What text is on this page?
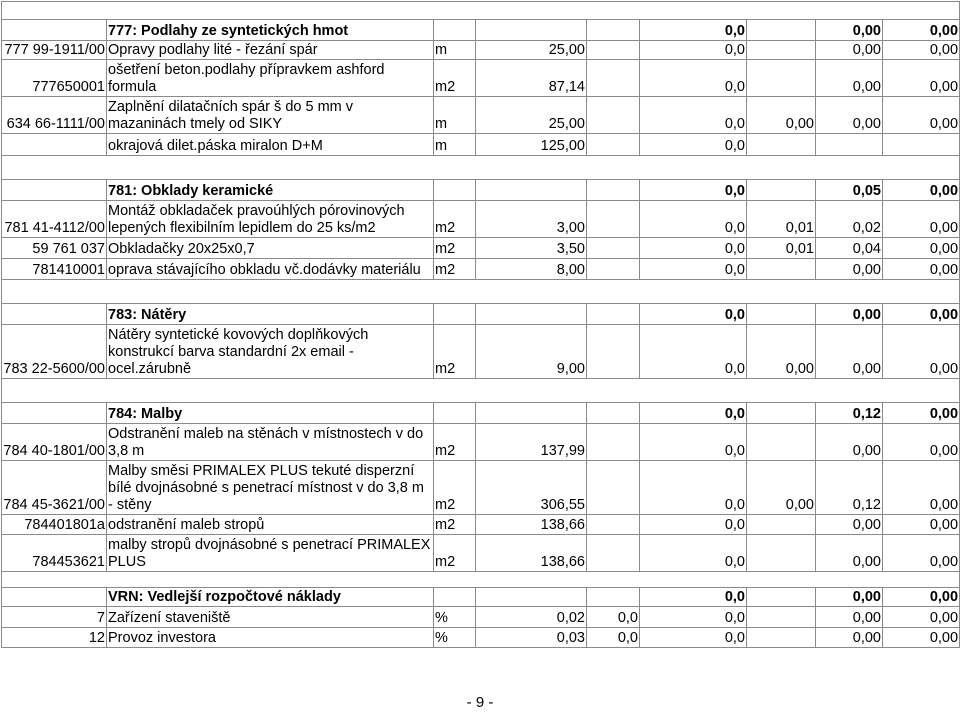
	777: Podlahy ze syntetických hmot				0,0		0,00	0,00
777 99-1911/00	Opravy podlahy lité - řezání spár	m	25,00		0,0		0,00	0,00
777650001	ošetření beton.podlahy přípravkem ashford formula	m2	87,14		0,0		0,00	0,00
634 66-1111/00	Zaplnění dilatačních spár š do 5 mm v mazaninách tmely od SIKY	m	25,00		0,0	0,00	0,00	0,00
	okrajová dilet.páska miralon D+M	m	125,00		0,0			

	781: Obklady keramické				0,0		0,05	0,00
781 41-4112/00	Montáž obkladaček pravoúhlých pórovinových lepených flexibilním lepidlem do 25 ks/m2	m2	3,00		0,0	0,01	0,02	0,00
59 761 037	Obkladačky 20x25x0,7	m2	3,50		0,0	0,01	0,04	0,00
781410001	oprava stávajícího obkladu vč.dodávky materiálu	m2	8,00		0,0		0,00	0,00

	783: Nátěry				0,0		0,00	0,00
783 22-5600/00	Nátěry syntetické kovových doplňkových konstrukcí barva standardní 2x email - ocel.zárubně	m2	9,00		0,0	0,00	0,00	0,00

	784: Malby				0,0		0,12	0,00
784 40-1801/00	Odstranění maleb na stěnách v místnostech v do 3,8 m	m2	137,99		0,0		0,00	0,00
784 45-3621/00	Malby směsi PRIMALEX PLUS tekuté disperzní bílé dvojnásobné s penetrací místnost v do 3,8 m - stěny	m2	306,55		0,0	0,00	0,12	0,00
784401801a	odstranění maleb stropů	m2	138,66		0,0		0,00	0,00
784453621	malby stropů dvojnásobné s penetrací PRIMALEX PLUS	m2	138,66		0,0		0,00	0,00

	VRN: Vedlejší rozpočtové náklady				0,0		0,00	0,00
7	Zařízení staveniště	%	0,02	0,0	0,0		0,00	0,00
12	Provoz investora	%	0,03	0,0	0,0		0,00	0,00
- 9 -
